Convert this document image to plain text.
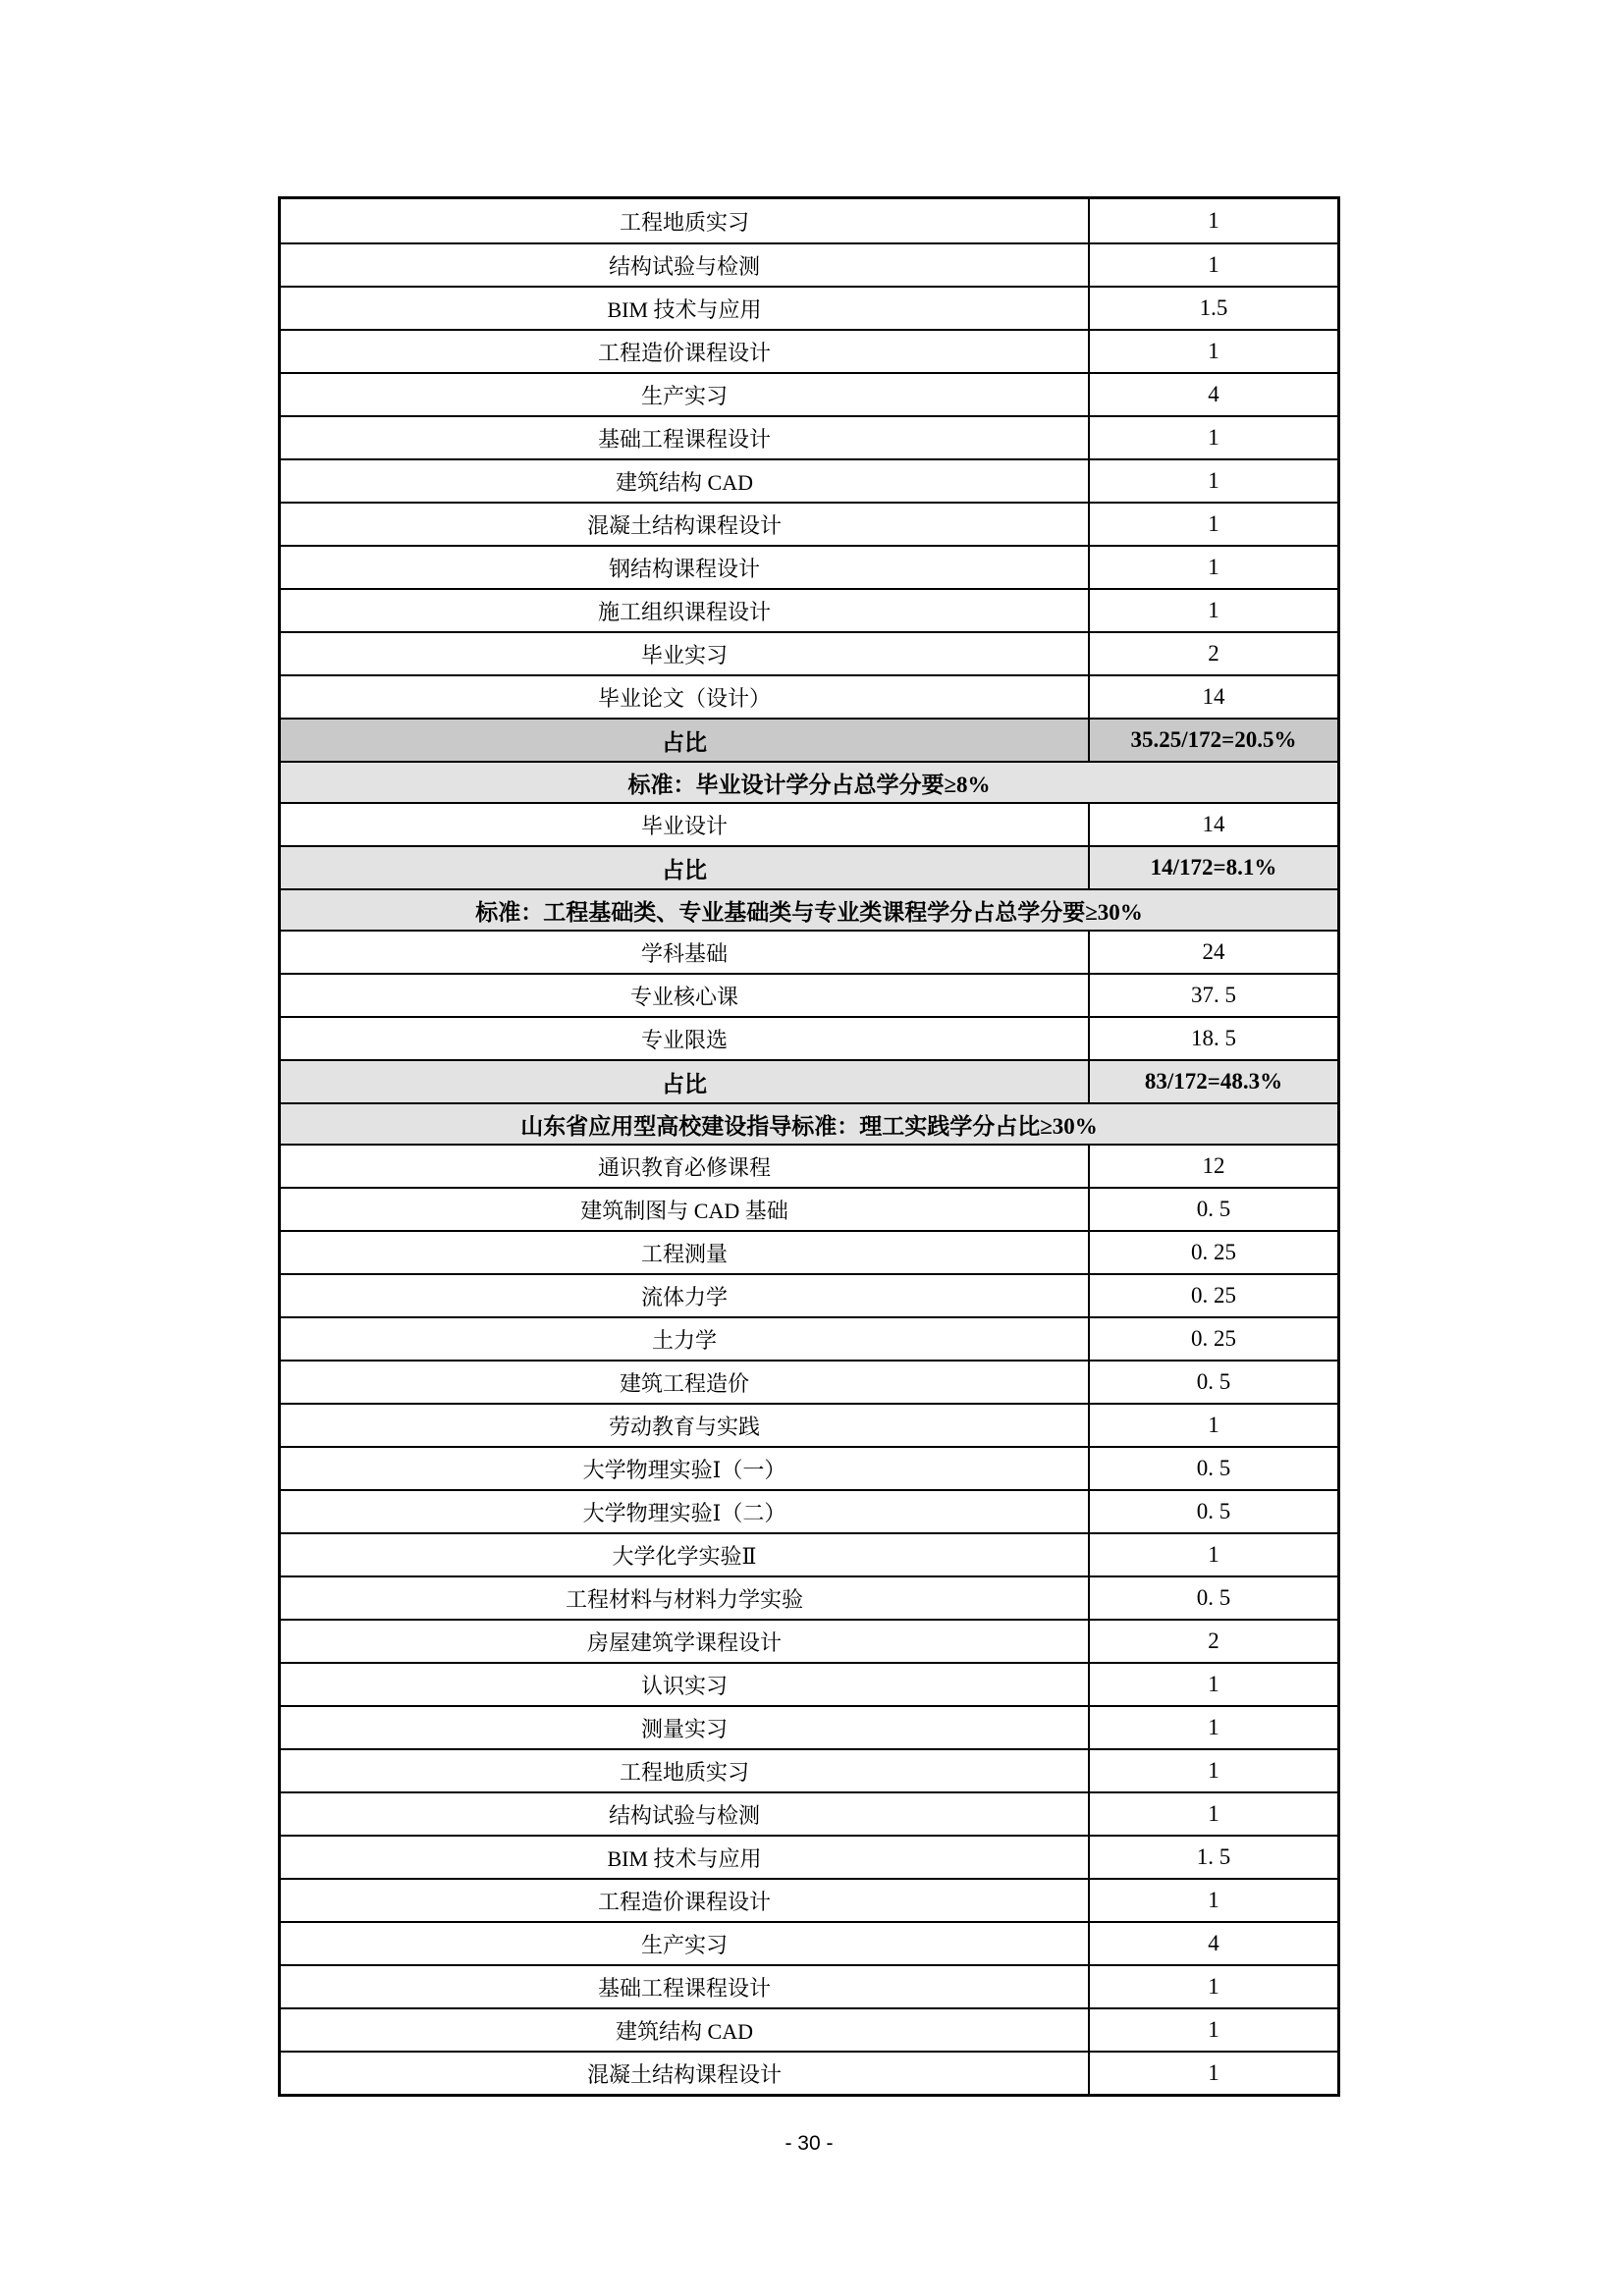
工程地质实习	1
结构试验与检测	1
BIM 技术与应用	1.5
工程造价课程设计	1
生产实习	4
基础工程课程设计	1
建筑结构 CAD	1
混凝土结构课程设计	1
钢结构课程设计	1
施工组织课程设计	1
毕业实习	2
毕业论文（设计）	14
占比	35.25/172=20.5%
标准：毕业设计学分占总学分要≥8%
毕业设计	14
占比	14/172=8.1%
标准：工程基础类、专业基础类与专业类课程学分占总学分要≥30%
学科基础	24
专业核心课	37. 5
专业限选	18. 5
占比	83/172=48.3%
山东省应用型高校建设指导标准：理工实践学分占比≥30%
通识教育必修课程	12
建筑制图与 CAD 基础	0. 5
工程测量	0. 25
流体力学	0. 25
土力学	0. 25
建筑工程造价	0. 5
劳动教育与实践	1
大学物理实验Ⅰ（一）	0. 5
大学物理实验Ⅰ（二）	0. 5
大学化学实验Ⅱ	1
工程材料与材料力学实验	0. 5
房屋建筑学课程设计	2
认识实习	1
测量实习	1
工程地质实习	1
结构试验与检测	1
BIM 技术与应用	1. 5
工程造价课程设计	1
生产实习	4
基础工程课程设计	1
建筑结构 CAD	1
混凝土结构课程设计	1
- 30 -
